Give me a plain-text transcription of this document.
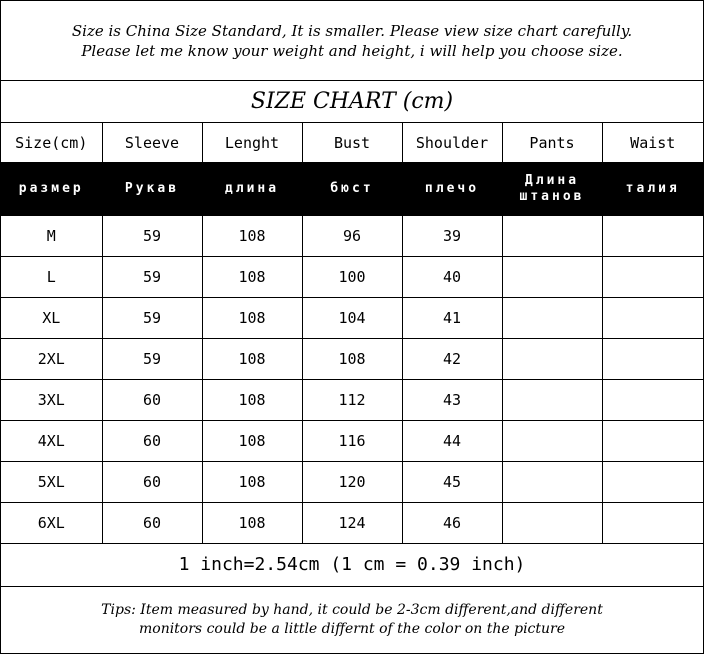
Size is China Size Standard, It is smaller. Please view size chart carefully.
Please let me know your weight and height, i will help you choose size.
SIZE CHART (cm)
Size(cm)	Sleeve	Lenght	Bust	Shoulder	Pants	Waist
размер	Рукав	длина	бюст	плечо	Длина штанов	талия
M	59	108	96	39		
L	59	108	100	40		
XL	59	108	104	41		
2XL	59	108	108	42		
3XL	60	108	112	43		
4XL	60	108	116	44		
5XL	60	108	120	45		
6XL	60	108	124	46		
1 inch=2.54cm (1 cm = 0.39 inch)
Tips: Item measured by hand, it could be 2-3cm different,and different
monitors could be a little differnt of the color on the picture
